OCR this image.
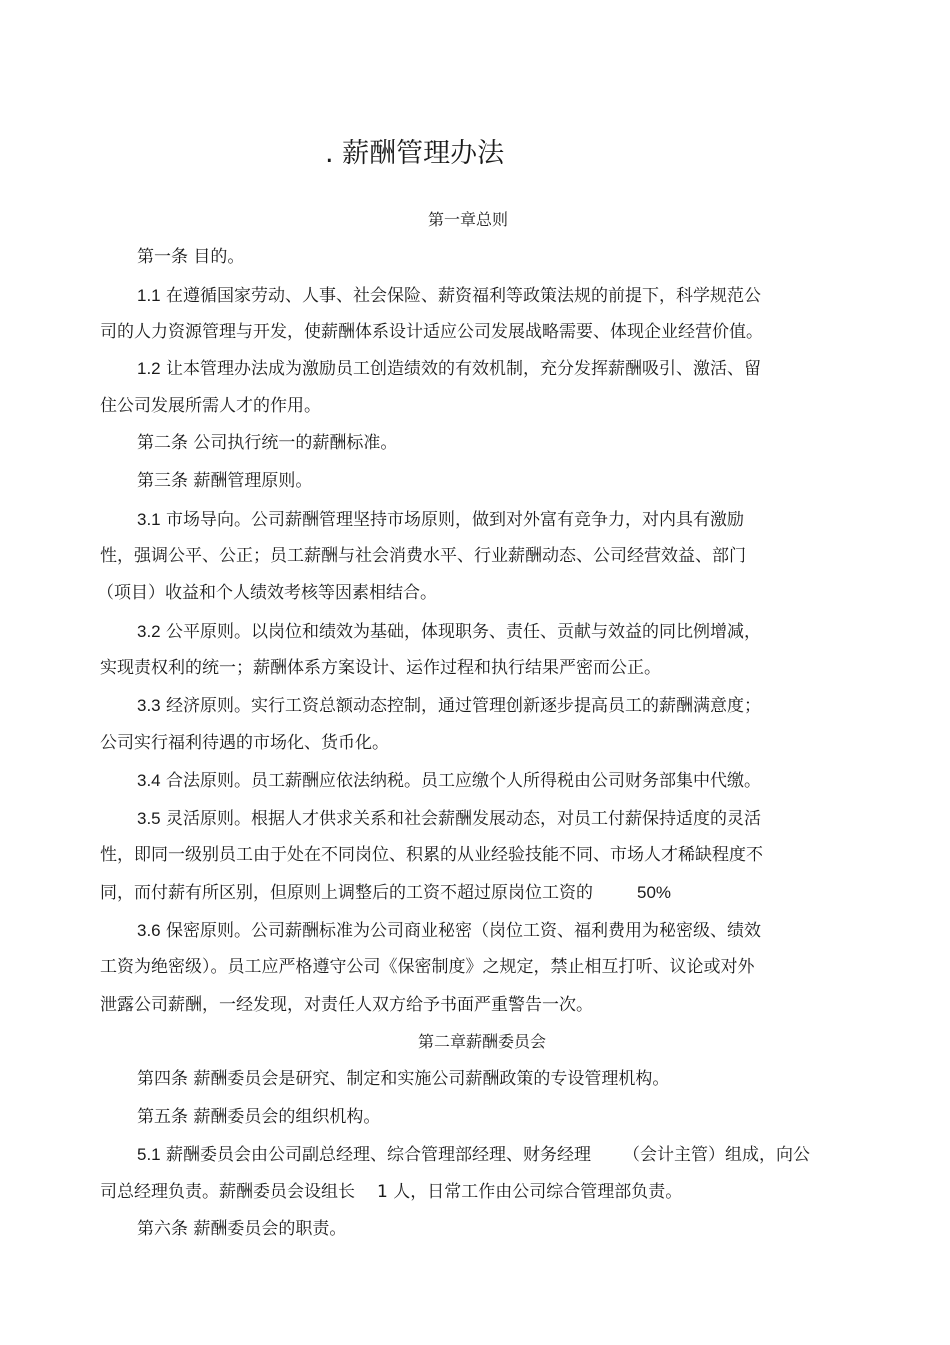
. 薪酬管理办法
第一章总则
第一条 目的。
1.1 在遵循国家劳动、人事、社会保险、薪资福利等政策法规的前提下，科学规范公
司的人力资源管理与开发，使薪酬体系设计适应公司发展战略需要、体现企业经营价值。
1.2 让本管理办法成为激励员工创造绩效的有效机制，充分发挥薪酬吸引、激活、留
住公司发展所需人才的作用。
第二条 公司执行统一的薪酬标准。
第三条 薪酬管理原则。
3.1 市场导向。公司薪酬管理坚持市场原则，做到对外富有竞争力，对内具有激励
性，强调公平、公正；员工薪酬与社会消费水平、行业薪酬动态、公司经营效益、部门
（项目）收益和个人绩效考核等因素相结合。
3.2 公平原则。以岗位和绩效为基础，体现职务、责任、贡献与效益的同比例增减，
实现责权利的统一；薪酬体系方案设计、运作过程和执行结果严密而公正。
3.3 经济原则。实行工资总额动态控制，通过管理创新逐步提高员工的薪酬满意度；
公司实行福利待遇的市场化、货币化。
3.4 合法原则。员工薪酬应依法纳税。员工应缴个人所得税由公司财务部集中代缴。
3.5 灵活原则。根据人才供求关系和社会薪酬发展动态，对员工付薪保持适度的灵活
性，即同一级别员工由于处在不同岗位、积累的从业经验技能不同、市场人才稀缺程度不
同，而付薪有所区别，但原则上调整后的工资不超过原岗位工资的	50%
3.6 保密原则。公司薪酬标准为公司商业秘密（岗位工资、福利费用为秘密级、绩效
工资为绝密级）。员工应严格遵守公司《保密制度》之规定，禁止相互打听、议论或对外
泄露公司薪酬，一经发现，对责任人双方给予书面严重警告一次。
第二章薪酬委员会
第四条 薪酬委员会是研究、制定和实施公司薪酬政策的专设管理机构。
第五条 薪酬委员会的组织机构。
5.1 薪酬委员会由公司副总经理、综合管理部经理、财务经理 （会计主管）组成，向公
司总经理负责。薪酬委员会设组长 1 人，日常工作由公司综合管理部负责。
第六条 薪酬委员会的职责。
